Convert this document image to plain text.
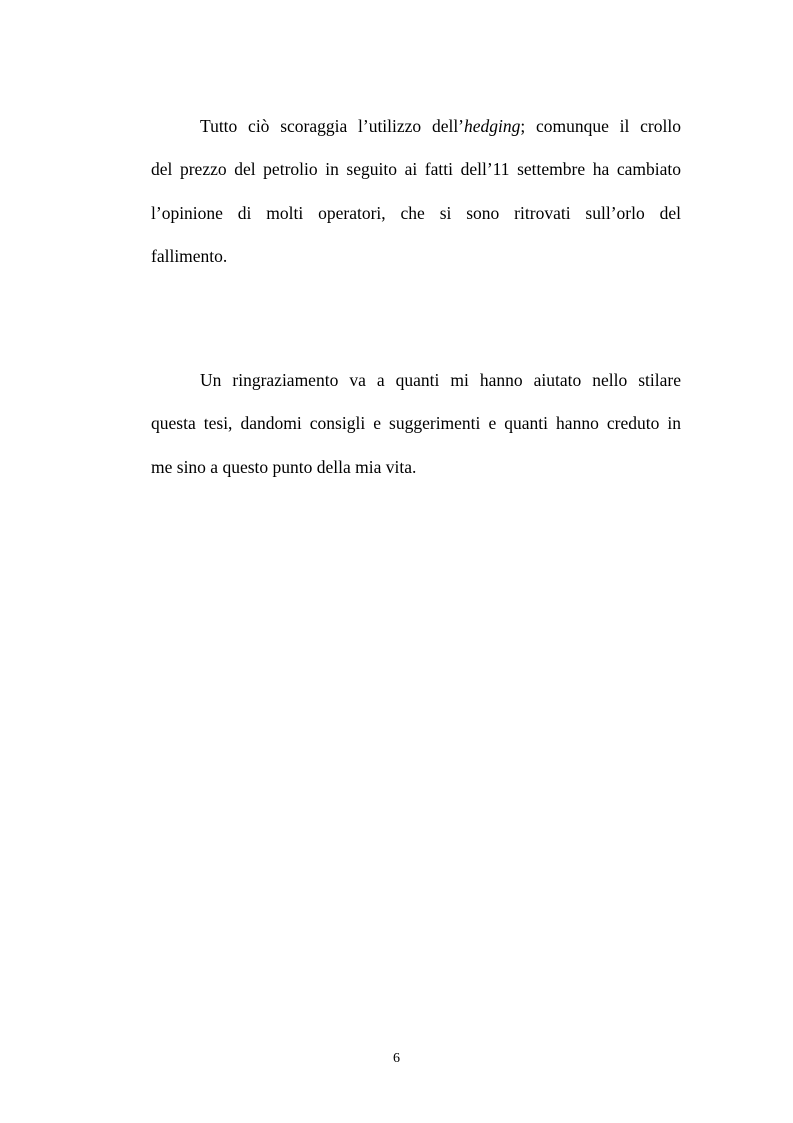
Tutto ciò scoraggia l’utilizzo dell’hedging; comunque il crollo
del prezzo del petrolio in seguito ai fatti dell’11 settembre ha cambiato
l’opinione di molti operatori, che si sono ritrovati sull’orlo del
fallimento.

Un ringraziamento va a quanti mi hanno aiutato nello stilare
questa tesi, dandomi consigli e suggerimenti e quanti hanno creduto in
me sino a questo punto della mia vita.

6
